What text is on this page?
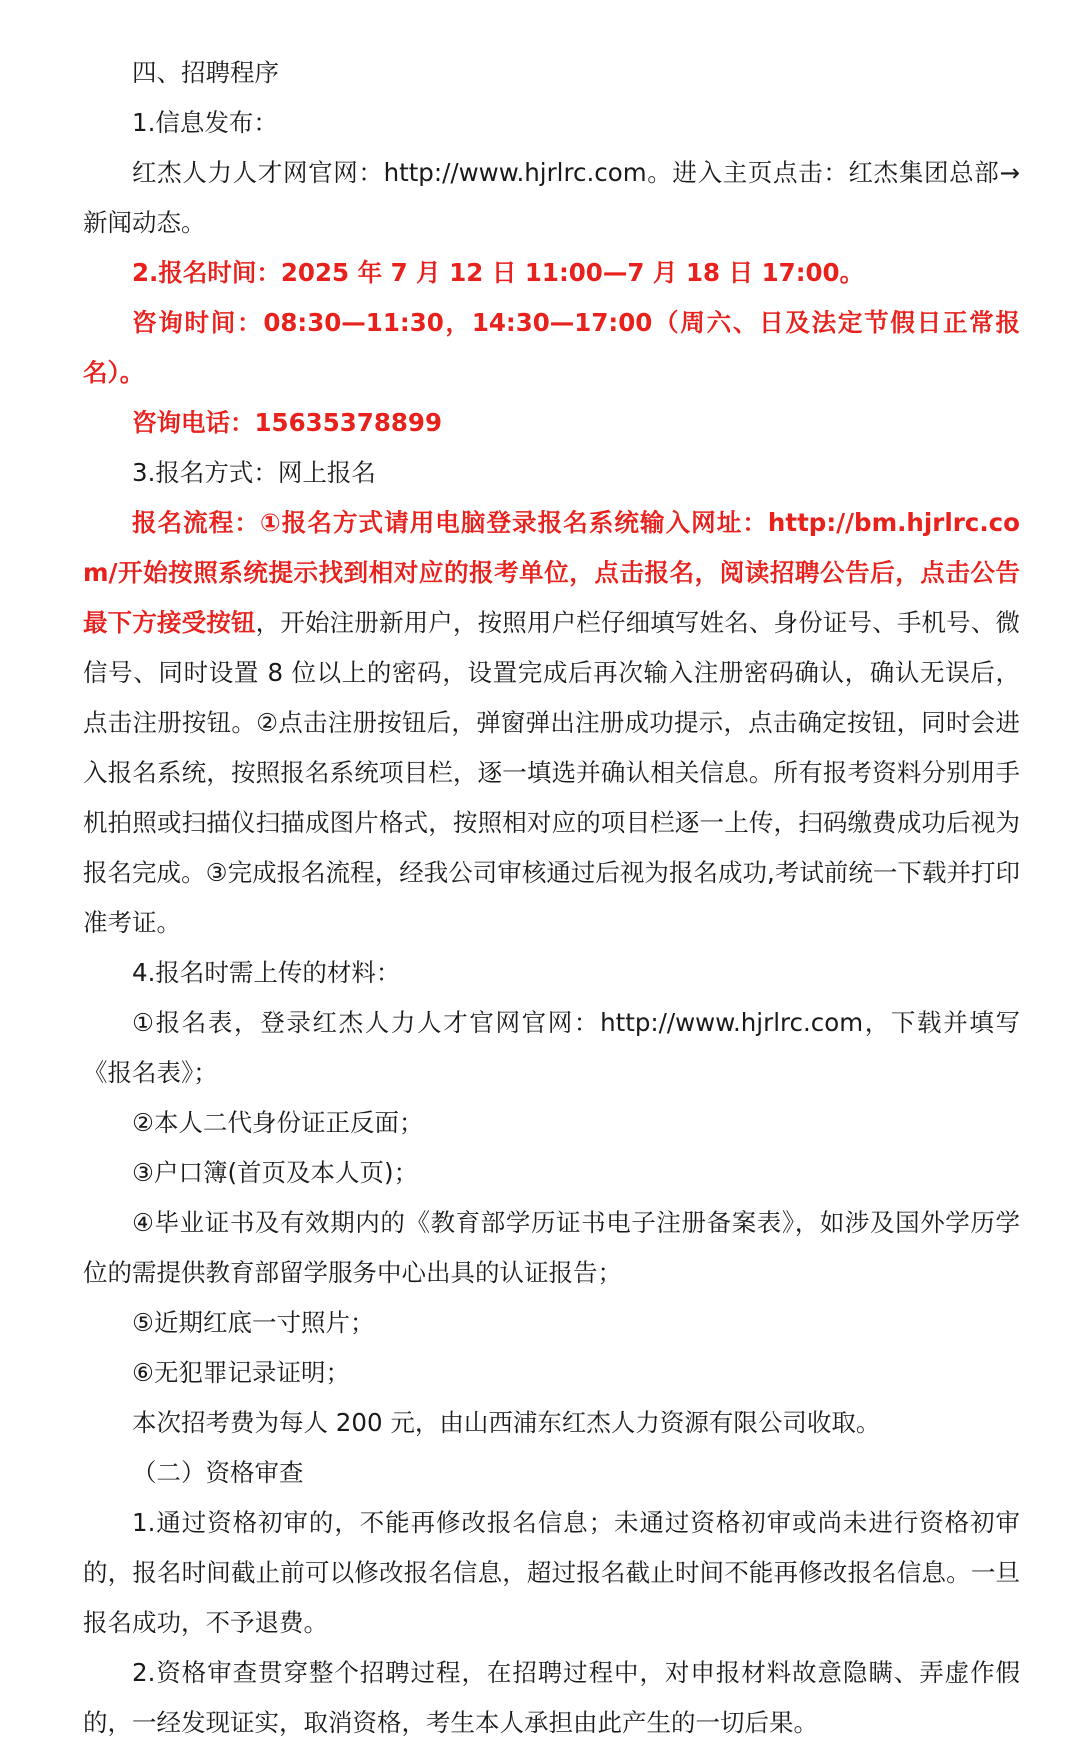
四、招聘程序

1.信息发布：

红杰人力人才网官网：http://www.hjrlrc.com。进入主页点击：红杰集团总部→新闻动态。

2.报名时间：2025 年 7 月 12 日 11:00—7 月 18 日 17:00。

咨询时间：08:30—11:30，14:30—17:00（周六、日及法定节假日正常报名）。

咨询电话：15635378899

3.报名方式：网上报名

报名流程：①报名方式请用电脑登录报名系统输入网址：http://bm.hjrlrc.com/开始按照系统提示找到相对应的报考单位，点击报名，阅读招聘公告后，点击公告最下方接受按钮，开始注册新用户，按照用户栏仔细填写姓名、身份证号、手机号、微信号、同时设置 8 位以上的密码，设置完成后再次输入注册密码确认，确认无误后，点击注册按钮。②点击注册按钮后，弹窗弹出注册成功提示，点击确定按钮，同时会进入报名系统，按照报名系统项目栏，逐一填选并确认相关信息。所有报考资料分别用手机拍照或扫描仪扫描成图片格式，按照相对应的项目栏逐一上传，扫码缴费成功后视为报名完成。③完成报名流程，经我公司审核通过后视为报名成功,考试前统一下载并打印准考证。

4.报名时需上传的材料：

①报名表，登录红杰人力人才官网官网：http://www.hjrlrc.com，下载并填写《报名表》；

②本人二代身份证正反面；

③户口簿(首页及本人页)；

④毕业证书及有效期内的《教育部学历证书电子注册备案表》，如涉及国外学历学位的需提供教育部留学服务中心出具的认证报告；

⑤近期红底一寸照片；

⑥无犯罪记录证明；

本次招考费为每人 200 元，由山西浦东红杰人力资源有限公司收取。

（二）资格审查

1.通过资格初审的，不能再修改报名信息；未通过资格初审或尚未进行资格初审的，报名时间截止前可以修改报名信息，超过报名截止时间不能再修改报名信息。一旦报名成功，不予退费。

2.资格审查贯穿整个招聘过程，在招聘过程中，对申报材料故意隐瞒、弄虚作假的，一经发现证实，取消资格，考生本人承担由此产生的一切后果。
